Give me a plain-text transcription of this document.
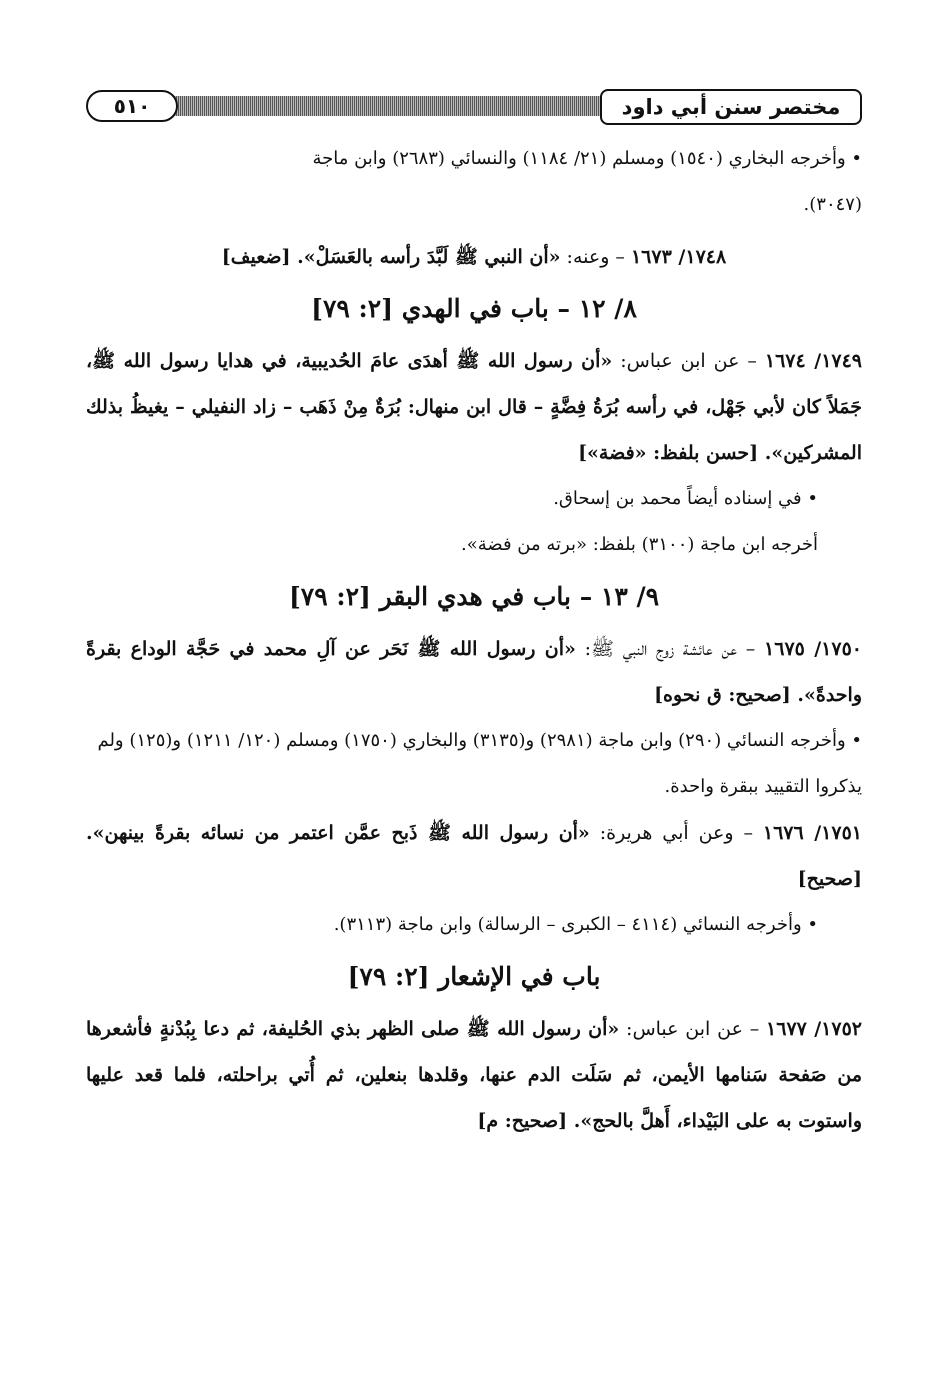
مختصر سنن أبي داود
٥١٠

• وأخرجه البخاري (١٥٤٠) ومسلم (٢١/ ١١٨٤) والنسائي (٢٦٨٣) وابن ماجة

(٣٠٤٧).

١٧٤٨/ ١٦٧٣ – وعنه: «أن النبي ﷺ لَبَّدَ رأسه بالعَسَلْ». [ضعيف]

٨/ ١٢ – باب في الهدي [٢: ٧٩]

١٧٤٩/ ١٦٧٤ – عن ابن عباس: «أن رسول الله ﷺ أهدَى عامَ الحُديبية، في هدايا رسول الله ﷺ، جَمَلاً كان لأبي جَهْل، في رأسه بُرَةُ فِضَّةٍ – قال ابن منهال: بُرَةٌ مِنْ ذَهَب – زاد النفيلي – يغيظُ بذلك المشركين». [حسن بلفظ: «فضة»]

• في إسناده أيضاً محمد بن إسحاق.

أخرجه ابن ماجة (٣١٠٠) بلفظ: «برته من فضة».

٩/ ١٣ – باب في هدي البقر [٢: ٧٩]

١٧٥٠/ ١٦٧٥ – عن عائشة زوج النبي ﷺ: «أن رسول الله ﷺ نَحَر عن آلِ محمد في حَجَّة الوداع بقرةً واحدةً». [صحيح: ق نحوه]

• وأخرجه النسائي (٢٩٠) وابن ماجة (٢٩٨١) و(٣١٣٥) والبخاري (١٧٥٠) ومسلم (١٢٠/ ١٢١١) و(١٢٥) ولم يذكروا التقييد ببقرة واحدة.

١٧٥١/ ١٦٧٦ – وعن أبي هريرة: «أن رسول الله ﷺ ذَبح عمَّن اعتمر من نسائه بقرةً بينهن». [صحيح]

• وأخرجه النسائي (٤١١٤ – الكبرى – الرسالة) وابن ماجة (٣١١٣).

باب في الإشعار [٢: ٧٩]

١٧٥٢/ ١٦٧٧ – عن ابن عباس: «أن رسول الله ﷺ صلى الظهر بذي الحُليفة، ثم دعا بِبُدْنةٍ فأشعرها من صَفحة سَنامها الأيمن، ثم سَلَت الدم عنها، وقلدها بنعلين، ثم أُتي براحلته، فلما قعد عليها واستوت به على البَيْداء، أَهلَّ بالحج». [صحيح: م]
